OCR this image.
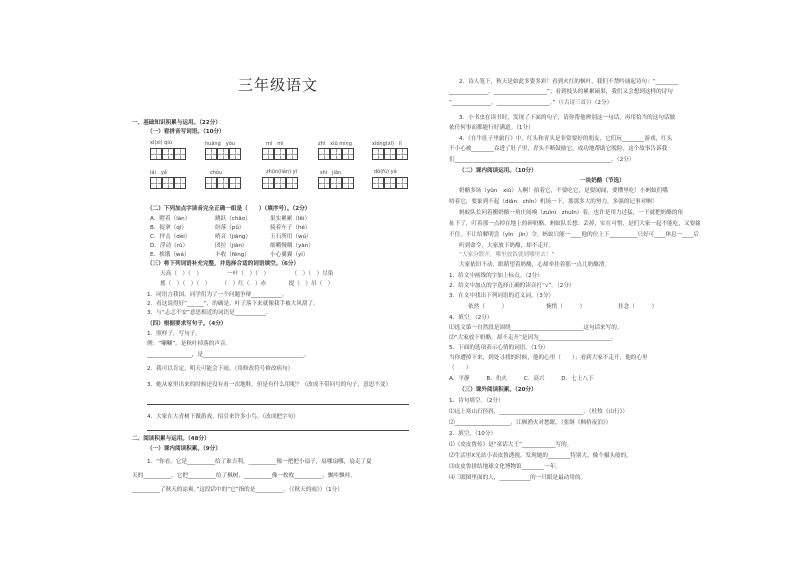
三年级语文
一、基础知识积累与运用。（22分）
（一）看拼音写词语。（10分）
xī(xì) qiú	huǎng　yǒu	mì　mì	zhī　xiū míng	xióng(xī)　lǐ
lái　yá	chǒu　	zhūn(lián) yī	shì　jiān	dǒ(fù) yá
（二）下列加点字读音完全正确一组是（　　）（填序号）。（2分）
A．瞪着（lán）	跳跃（chǎo）	果实累累（lěi）
B．捉拿（qì）	纷落（pǔ）	骑着车子（hé）
C．抨击（dèi）	哨音（jiǎng）	玉石所用（wú）
D．浮动（rù）	团拉（jiàn）	细嚼慢咽（yàn）
E．挨饿（wá）	丰收（fēng）	小心翼翼（yì）
（三）将下列词语补充完整，并选择合适的词语填空。（6分）
天高（　）（　）　　　　　一叶（　）（　）　　　　　（　）（　）尽染
搖（　）（　）（　）　　　（　）红（　）赤　　　　提（　）吊（　）
1．同语言我国，同学们为了一个问题争辩___________。
2．看这说得好“______”，的确是。叶子落下来就像我手被大风刮了。
3．与“忐忑不安”意思相近的词语是___________。
（四）根据要求写句子。（4分）
1．照样子，写句子。
例：“唰唰”，是秋叶掉落的声音。
________________，是____________________________________。
2．我可以肯定，明天可能会下雨。（用修改符号修改病句）
3．她从家里出来的时候还没有看一次地鞋，但是有什么用呢？（改成不带问号的句子，意思不变）
4．大家在大青树下做游戏，招引来许多小鸟。（改成把字句）
二、阅读积累与运用。（48分）
（一）课内阅读积累。（9分）
1．“你看，它是__________给了谁吉利，__________像一把把小扇子，扇哪扇哪，扇走了夏
天的__________，它把__________给了枫树，__________像一枚枚__________，飘哇飘哇，
__________了秋天的凉爽。”这段话中的“它”指的是__________。（《秋天的雨》）（1分）
2．诗人笔下，秋天是如此多姿多彩！看到火红的枫叶，我们不禁吟诵起诗句：“________
______________，___________________”；看到枝头的累累硕果，我们又会想到这样的诗句
“______________，___________________。”（《古诗三首》）（2分）
3．小书虫在读书时，发现了下面的句子，请你帮他辨别这一句话，再用恰当的这句话做
依任何事而都能行好满道。（1分）
4．《在牛肚子里旅行》中，红头和青头是非常要好的朋友，它们玩________游戏，红头
不小心被________吞进了肚子里，青头不断鼓励它，成功地帮助它脱险，这个故事告诉我
们________________________________________________________。（2分）
（二）课内阅读运用。（10分）
一块奶酪（节选）
奶酪多场（yǔn　xiǔ）人啊！拍着它，不要吃它，是要闻闻，要懂里吃！小蚂蚁们嘴
唔着它，要象到不起（diǎn　chǐn）机场一下，那那多大的努力，多强的记事对啊！
蚂蚁队长问着搬奶酪一角庄间嗅（zuǐnì　zhuǐn）着，也许是用力过猛，一下就把奶酪的角
扯下了，叮着那一点掉在地上的碎奶酪，蚂蚁队长想：丢掉，实在可惜，是们大家一起不能吃，又要偷
不住，不让给解明尝（yǐn　jǐn）令。蚂蚁只能一____他的位上下__________只好可____休息一____后
听到命令，大家放下奶酪，却不走开。
“大家分散开，哪里放饭就到哪里去！”
大家依旧不动，眼睛望着奶酪，心却牵挂着那一点儿奶酪渣。
1．给文中画线的字加上标点。（2分）
2．给文中加点的字选择正确的读音打“√”。（2分）
3．在文中找出下列词语的近义词。（3分）
依然（　　　）	惋惜（　　　）	挂念（　　　）
4．填空。（2分）
⑴选文第一自然段是围绕__________________________这句话来写的。
⑵“大家放下奶酪，却不走开”是因为__________________________。
5．下面的选项表示心情的词语。（1分）
当你遭掉下来，到处寻找的时候，他的心里（　　）；看到大家不走开，他的心里
（　　）
A．平静　　　B．仇火　　　C．高兴　　　D．七上八下
（三）课外阅读积累。（20分）
1．诗句填空。（2分）
⑴远上寒山石径斜，______________________________。（杜牧《山行》）
⑵____________________，江枫渔火对愁眠。（张继《枫桥夜泊》）
2．填空。（10分）
⑴《皮皮鲁传》是“童话大王”____________写的。
⑵生活里X光站小表皮鲁透视，发现她的________特别大，像个摄头般的。
⑶皮皮鲁拼结地球文化博物馆________一年。
⑷三眼图里面的人，___________的一只眼是最动用的。
